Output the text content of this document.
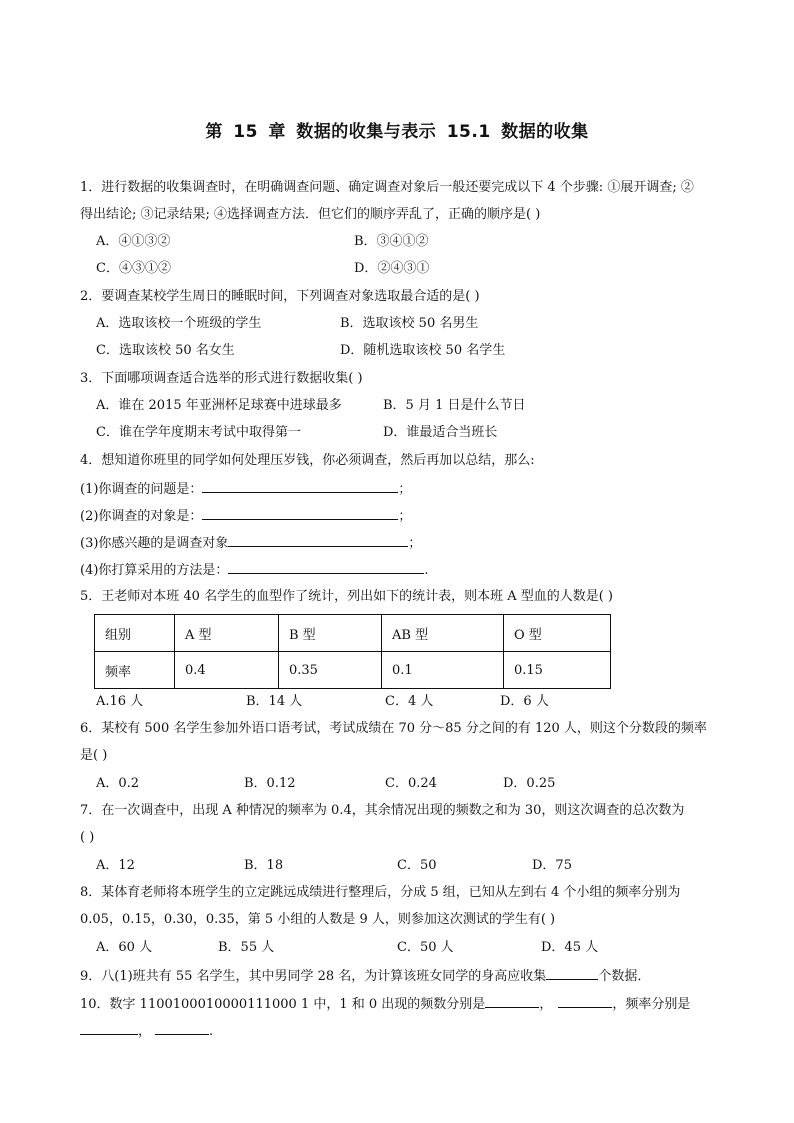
第 15 章 数据的收集与表示 15.1 数据的收集
1．进行数据的收集调查时，在明确调查问题、确定调查对象后一般还要完成以下 4 个步骤: ①展开调查; ②
得出结论; ③记录结果; ④选择调查方法．但它们的顺序弄乱了，正确的顺序是( )
A．④①③②	B．③④①②
C．④③①②	D．②④③①
2．要调查某校学生周日的睡眠时间，下列调查对象选取最合适的是( )
A．选取该校一个班级的学生	B．选取该校 50 名男生
C．选取该校 50 名女生	D．随机选取该校 50 名学生
3．下面哪项调查适合选举的形式进行数据收集( )
A．谁在 2015 年亚洲杯足球赛中进球最多	B．5 月 1 日是什么节日
C．谁在学年度期末考试中取得第一	D．谁最适合当班长
4．想知道你班里的同学如何处理压岁钱，你必须调查，然后再加以总结，那么:
(1)你调查的问题是：	；
(2)你调查的对象是：	；
(3)你感兴趣的是调查对象	；
(4)你打算采用的方法是：	.
5．王老师对本班 40 名学生的血型作了统计，列出如下的统计表，则本班 A 型血的人数是( )
组别	A 型	B 型	AB 型	O 型
频率	0.4	0.35	0.1	0.15
A.16 人	B．14 人	C．4 人	D．6 人
6．某校有 500 名学生参加外语口语考试，考试成绩在 70 分～85 分之间的有 120 人，则这个分数段的频率
是( )
A．0.2	B．0.12	C．0.24	D．0.25
7．在一次调查中，出现 A 种情况的频率为 0.4，其余情况出现的频数之和为 30，则这次调查的总次数为
( )
A．12	B．18	C．50	D．75
8．某体育老师将本班学生的立定跳远成绩进行整理后，分成 5 组，已知从左到右 4 个小组的频率分别为
0.05，0.15，0.30，0.35，第 5 小组的人数是 9 人，则参加这次测试的学生有( )
A．60 人	B．55 人	C．50 人	D．45 人
9．八(1)班共有 55 名学生，其中男同学 28 名，为计算该班女同学的身高应收集	个数据．
10．数字 1100100010000111000 1 中，1 和 0 出现的频数分别是	，	，频率分别是
，	.
